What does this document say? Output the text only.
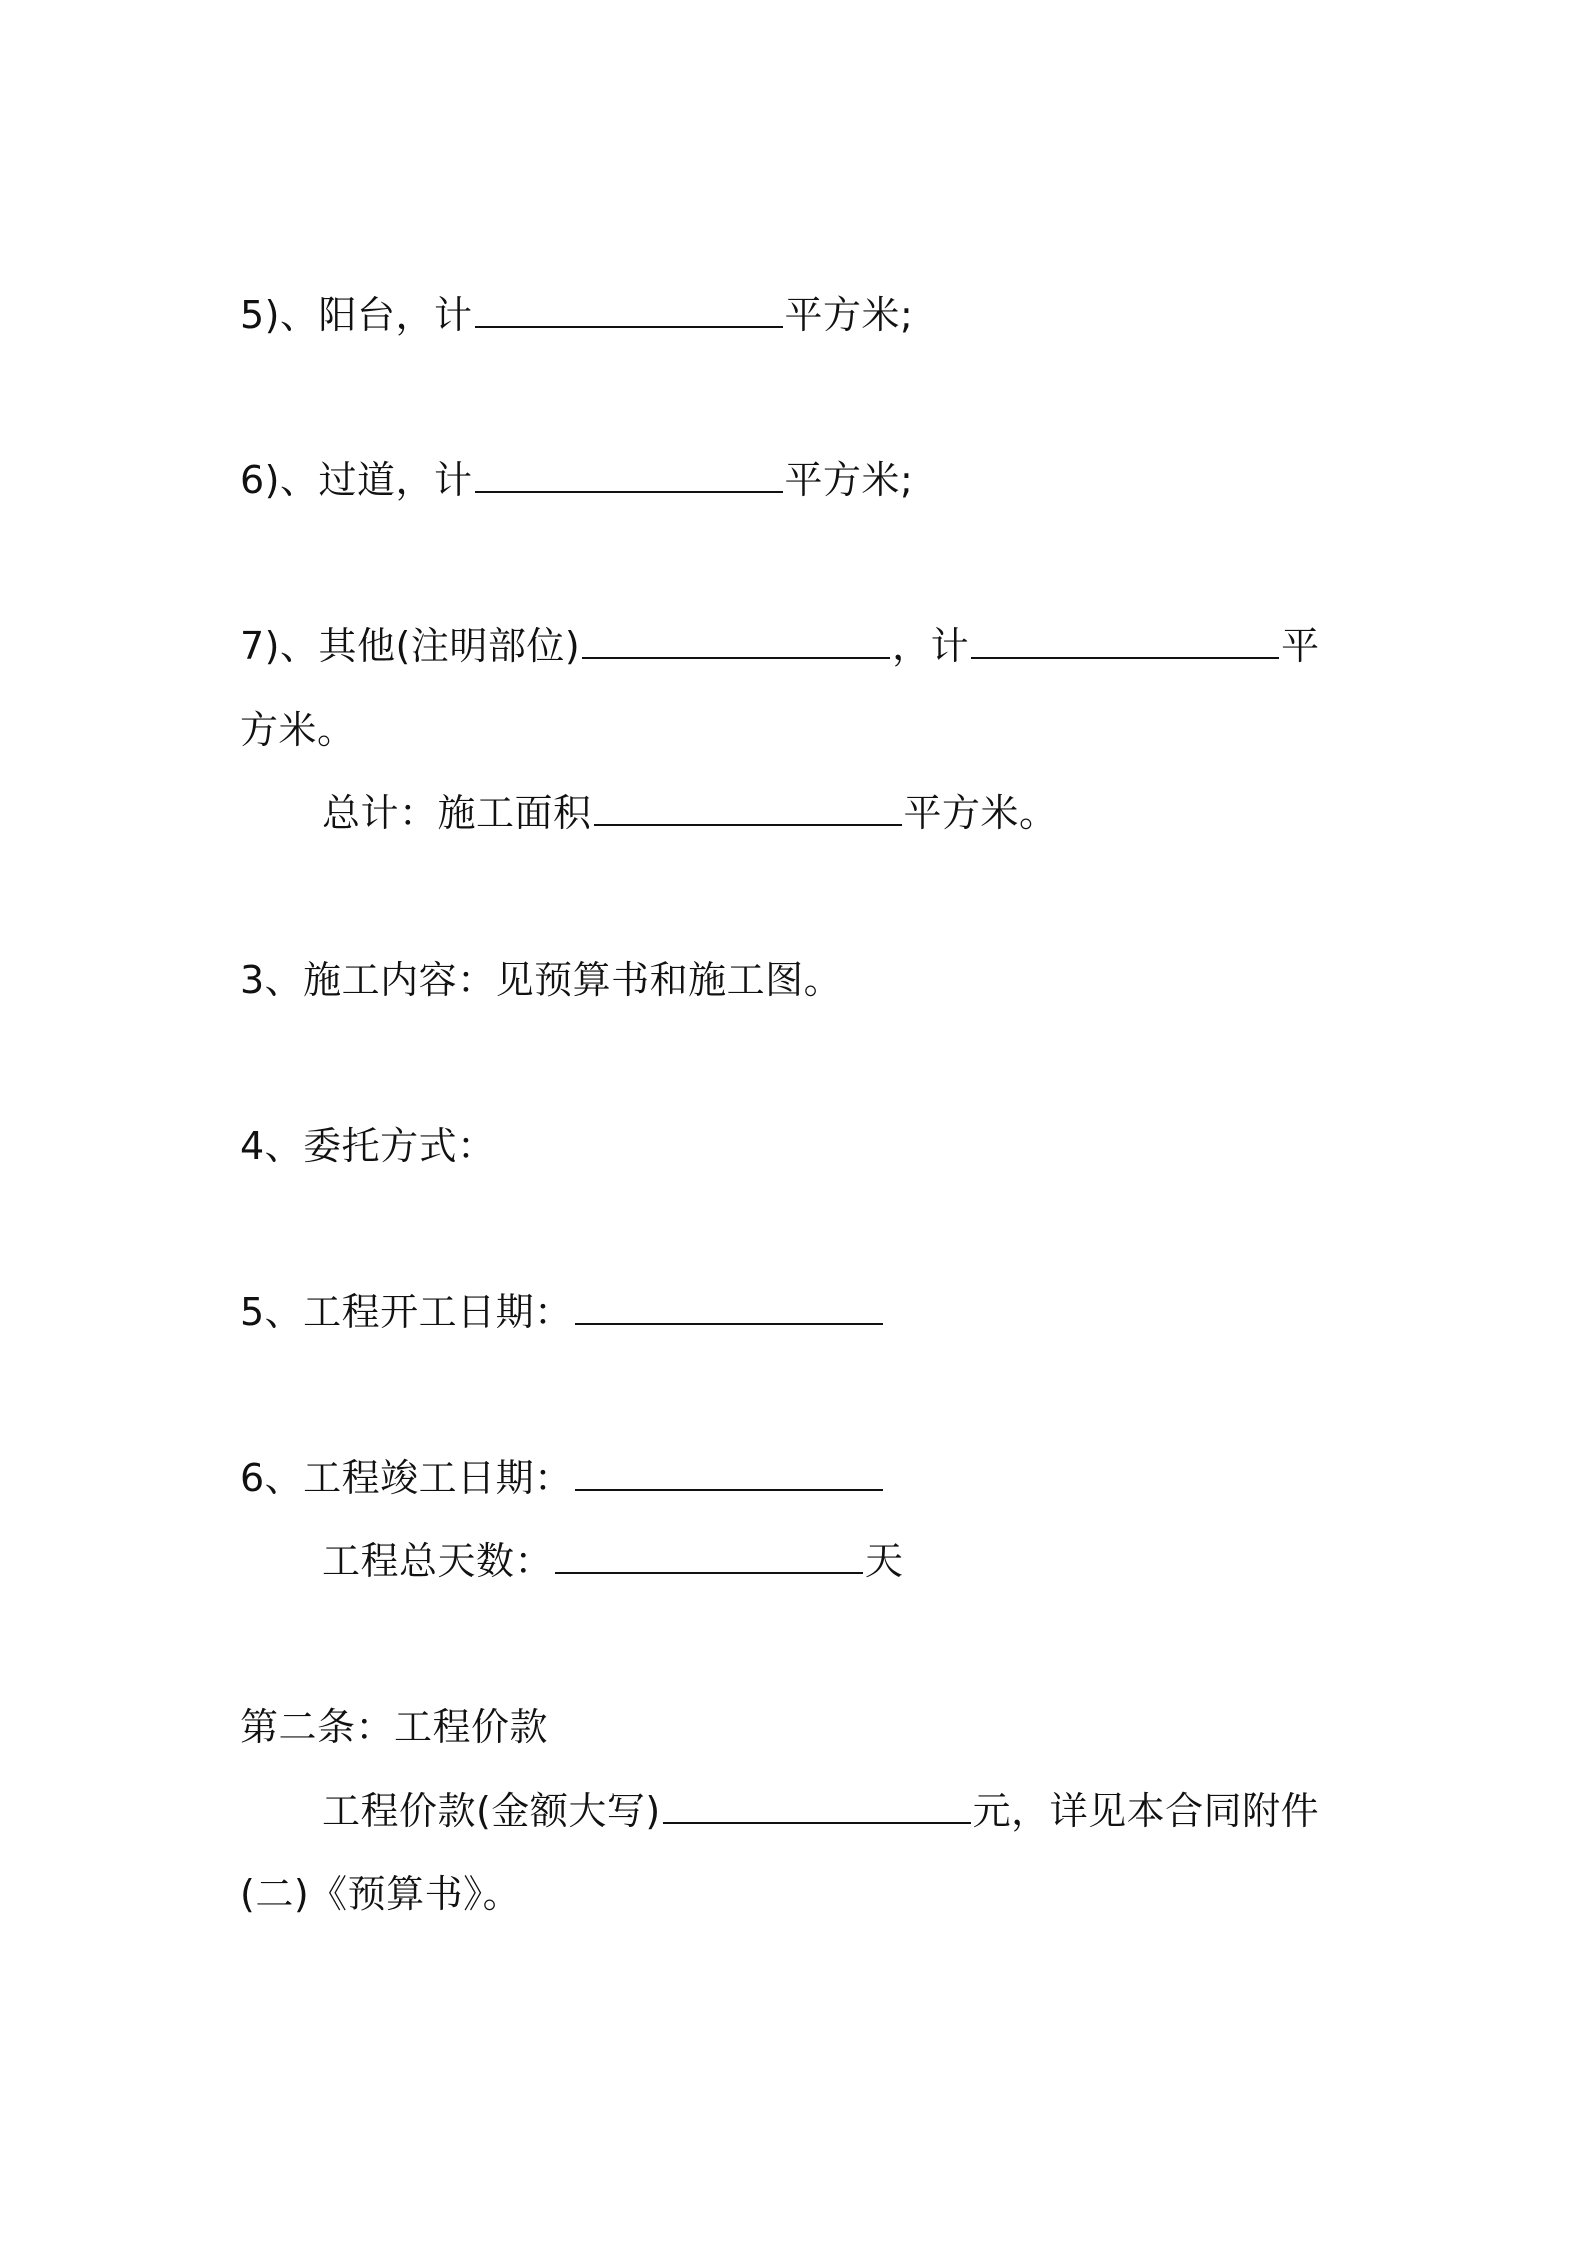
5)、阳台，计	平方米;
6)、过道，计	平方米;
7)、其他(注明部位)	，计	平
方米。
总计：施工面积	平方米。
3、施工内容：见预算书和施工图。
4、委托方式：
5、工程开工日期：
6、工程竣工日期：
工程总天数：	天
第二条：工程价款
工程价款(金额大写)	元，详见本合同附件
(二)《预算书》。
